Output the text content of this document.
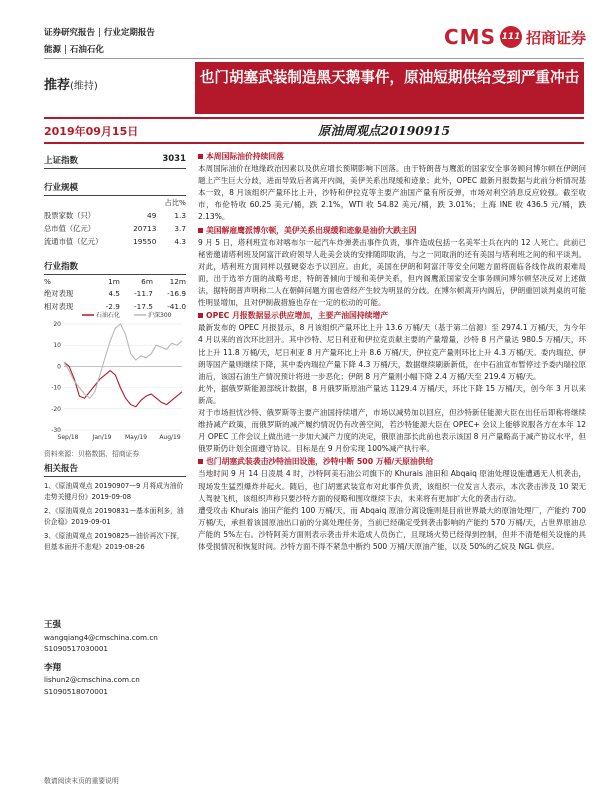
证券研究报告 | 行业定期报告
能源 | 石油石化
CMS 111 招商证券
推荐(维持)
也门胡塞武装制造黑天鹅事件，原油短期供给受到严重冲击
2019年09月15日	原油周观点20190915
上证指数	3031
行业规模
		占比%
股票家数（只）	49	1.3
总市值（亿元）	20713	3.7
流通市值（亿元）	19550	4.3
行业指数
%	1m	6m	12m
绝对表现	4.5	-11.7	-16.9
相对表现	-2.9	-17.5	-41.0
20
10
0
-10
-20
-30
Sep/18 Jan/19 May/19 Aug/19
石油石化	沪深300
资料来源：贝格数据、招商证券
相关报告
1、《原油周观点 20190907—9 月将成为油价走势关键月份》2019-09-08
2、《原油周观点 20190831—基本面利多，油价企稳》2019-09-01
3、《原油周观点 20190825—油价再次下探，但基本面并不悲观》2019-08-26
王强
wangqiang4@cmschina.com.cn
S1090517030001
李翔
lishun2@cmschina.com.cn
S1090518070001
敬请阅读末页的重要说明
本周国际油价持续回落

本周国际油价在地缘政治因素以及供应增长预期影响下回落。由于特朗普与鹰派的国家安全事务顾问博尔顿在伊朗问题上产生巨大分歧，进而导致后者离开内阁，美伊关系出现缓和迹象；此外，OPEC 最新月报数据与此前分析情况基本一致，8 月该组织产量环比上升，沙特和伊拉克等主要产油国产量有所反弹，市场对利空消息反应较强。截至收市，布伦特收 60.25 美元/桶，跌 2.1%，WTI 收 54.82 美元/桶，跌 3.01%；上海 INE 收 436.5 元/桶，跌 2.13%。

美国解雇鹰派博尔顿，美伊关系出现缓和迹象是油价大跌主因

9 月 5 日，塔利班宣布对喀布尔一起汽车炸弹袭击事件负责，事件造成包括一名美军士兵在内的 12 人死亡。此前已秘密邀请塔利班及阿富汗政府领导人赴美会谈的安排随即取消，与之一同取消的还有美国与塔利班之间的和平谈判。对此，塔利班方面同样以强硬姿态予以回应。由此，美国在伊朗和阿富汗等安全问题方面将面临各线作战的艰难局面，出于选举方面的战略考虑，特朗普倾向于缓和美伊关系，但内阁鹰派国家安全事务顾问博尔顿坚决反对上述做法，据特朗普声明称二人在朝鲜问题方面也曾经产生较为明显的分歧。在博尔顿离开内阁后，伊朗重回谈判桌的可能性明显增加，且对伊制裁措施也存在一定的松动的可能。

OPEC 月报数据显示供应增加，主要产油国持续增产

最新发布的 OPEC 月报显示，8 月该组织产量环比上升 13.6 万桶/天（基于第二信源）至 2974.1 万桶/天，为今年 4 月以来的首次环比回升。其中沙特、尼日利亚和伊拉克贡献主要的产量增量，沙特 8 月产量达 980.5 万桶/天，环比上升 11.8 万桶/天，尼日利亚 8 月产量环比上升 8.6 万桶/天，伊拉克产量则环比上升 4.3 万桶/天。委内瑞拉、伊朗等国产量则继续下降，其中委内瑞拉产量下降 4.3 万桶/天，数据继续刷新新低，在中石油宣布暂停过予委内瑞拉原油后，该国石油生产情况预计将进一步恶化；伊朗 8 月产量则小幅下降 2.4 万桶/天至 219.4 万桶/天。

此外，据俄罗斯能源部统计数据，8 月俄罗斯原油产量达 1129.4 万桶/天，环比下降 15 万桶/天，创今年 3 月以来新高。

对于市场担忧沙特、俄罗斯等主要产油国持续增产，市场以减势加以回应，但沙特新任能源大臣在出任后即称将继续维持减产政策，而俄罗斯的减产履约情况仍有改善空间，若沙特能源大臣在 OPEC+ 会议上能够说服各方在本年 12 月 OPEC 工作会议上做出进一步加大减产力度的决定，俄原油部长此前也表示该国 8 月产量略高于减产协议水平，但俄罗斯仍计划全面遵守协议。目标是在 9 月份实现 100%减产执行率。

也门胡塞武装袭击沙特油田设施，沙特中断 500 万桶/天原油供给

当地时间 9 月 14 日凌晨 4 时，沙特阿美石油公司旗下的 Khurais 油田和 Abqaiq 原油处理设施遭遇无人机袭击，现场发生猛烈爆炸并起火。随后，也门胡塞武装宣布对此事件负责，该组织一位发言人表示，本次袭击涉及 10 架无人驾驶飞机，该组织声称只要沙特方面的侵略和围攻继续下去，未来将有更加扩大化的袭击行动。

遭受攻击 Khurais 油田产能约 100 万桶/天，而 Abqaiq 原油分离设施则是目前世界最大的原油处理厂，产能约 700 万桶/天，承担着该国原油出口前的分离处理任务，当前已经确定受到袭击影响的产能约 570 万桶/天，占世界原油总产能的 5%左右。沙特阿美方面则表示袭击并未造成人员伤亡，且现场火势已经得到控制，但并不清楚相关设施的具体受损情况和恢复时间。沙特方面不得不紧急中断约 500 万桶/天原油产能，以及 50%的乙烷及 NGL 供应。
